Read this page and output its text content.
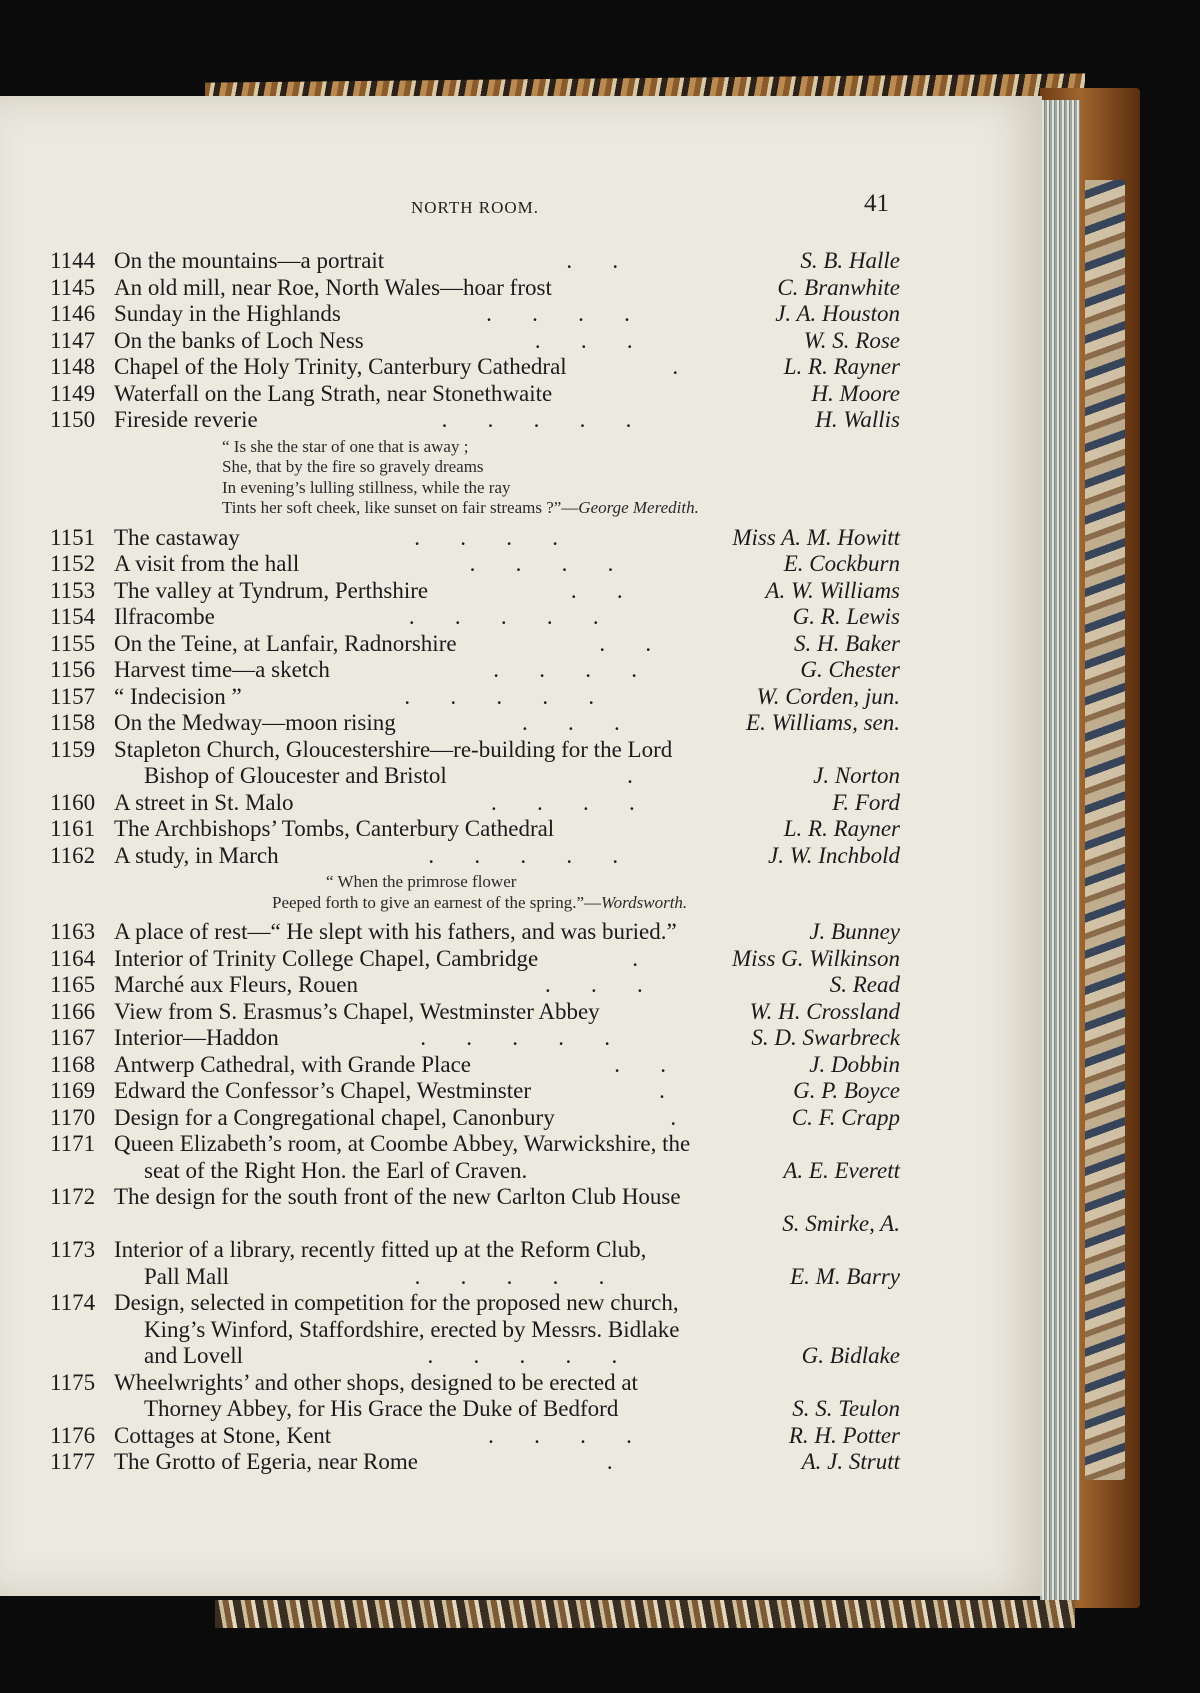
NORTH ROOM.	41
1144 On the mountains—a portrait	.       .	S. B. Halle
1145 An old mill, near Roe, North Wales—hoar frost	C. Branwhite
1146 Sunday in the Highlands	.       .       .       .	J. A. Houston
1147 On the banks of Loch Ness	.       .       .	W. S. Rose
1148 Chapel of the Holy Trinity, Canterbury Cathedral	.	L. R. Rayner
1149 Waterfall on the Lang Strath, near Stonethwaite	H. Moore
1150 Fireside reverie	.       .       .       .       .	H. Wallis
“ Is she the star of one that is away ;
She, that by the fire so gravely dreams
In evening’s lulling stillness, while the ray
Tints her soft cheek, like sunset on fair streams ?”—George Meredith.
1151 The castaway	.       .       .       .	Miss A. M. Howitt
1152 A visit from the hall	.       .       .       .	E. Cockburn
1153 The valley at Tyndrum, Perthshire	.       .	A. W. Williams
1154 Ilfracombe	.       .       .       .       .	G. R. Lewis
1155 On the Teine, at Lanfair, Radnorshire	.       .	S. H. Baker
1156 Harvest time—a sketch	.       .       .       .	G. Chester
1157 “ Indecision ”	.       .       .       .       .	W. Corden, jun.
1158 On the Medway—moon rising	.       .       .	E. Williams, sen.
1159 Stapleton Church, Gloucestershire—re-building for the Lord
Bishop of Gloucester and Bristol	.	J. Norton
1160 A street in St. Malo	.       .       .       .	F. Ford
1161 The Archbishops’ Tombs, Canterbury Cathedral	L. R. Rayner
1162 A study, in March	.       .       .       .       .	J. W. Inchbold
“ When the primrose flower
Peeped forth to give an earnest of the spring.”—Wordsworth.
1163 A place of rest—“ He slept with his fathers, and was buried.”	J. Bunney
1164 Interior of Trinity College Chapel, Cambridge	.	Miss G. Wilkinson
1165 Marché aux Fleurs, Rouen	.       .       .	S. Read
1166 View from S. Erasmus’s Chapel, Westminster Abbey	W. H. Crossland
1167 Interior—Haddon	.       .       .       .       .	S. D. Swarbreck
1168 Antwerp Cathedral, with Grande Place	.       .	J. Dobbin
1169 Edward the Confessor’s Chapel, Westminster	.	G. P. Boyce
1170 Design for a Congregational chapel, Canonbury	.	C. F. Crapp
1171 Queen Elizabeth’s room, at Coombe Abbey, Warwickshire, the
seat of the Right Hon. the Earl of Craven.	A. E. Everett
1172 The design for the south front of the new Carlton Club House
S. Smirke, A.
1173 Interior of a library, recently fitted up at the Reform Club,
Pall Mall	.       .       .       .       .	E. M. Barry
1174 Design, selected in competition for the proposed new church,
King’s Winford, Staffordshire, erected by Messrs. Bidlake
and Lovell	.       .       .       .       .	G. Bidlake
1175 Wheelwrights’ and other shops, designed to be erected at
Thorney Abbey, for His Grace the Duke of Bedford	S. S. Teulon
1176 Cottages at Stone, Kent	.       .       .       .	R. H. Potter
1177 The Grotto of Egeria, near Rome	.	A. J. Strutt
